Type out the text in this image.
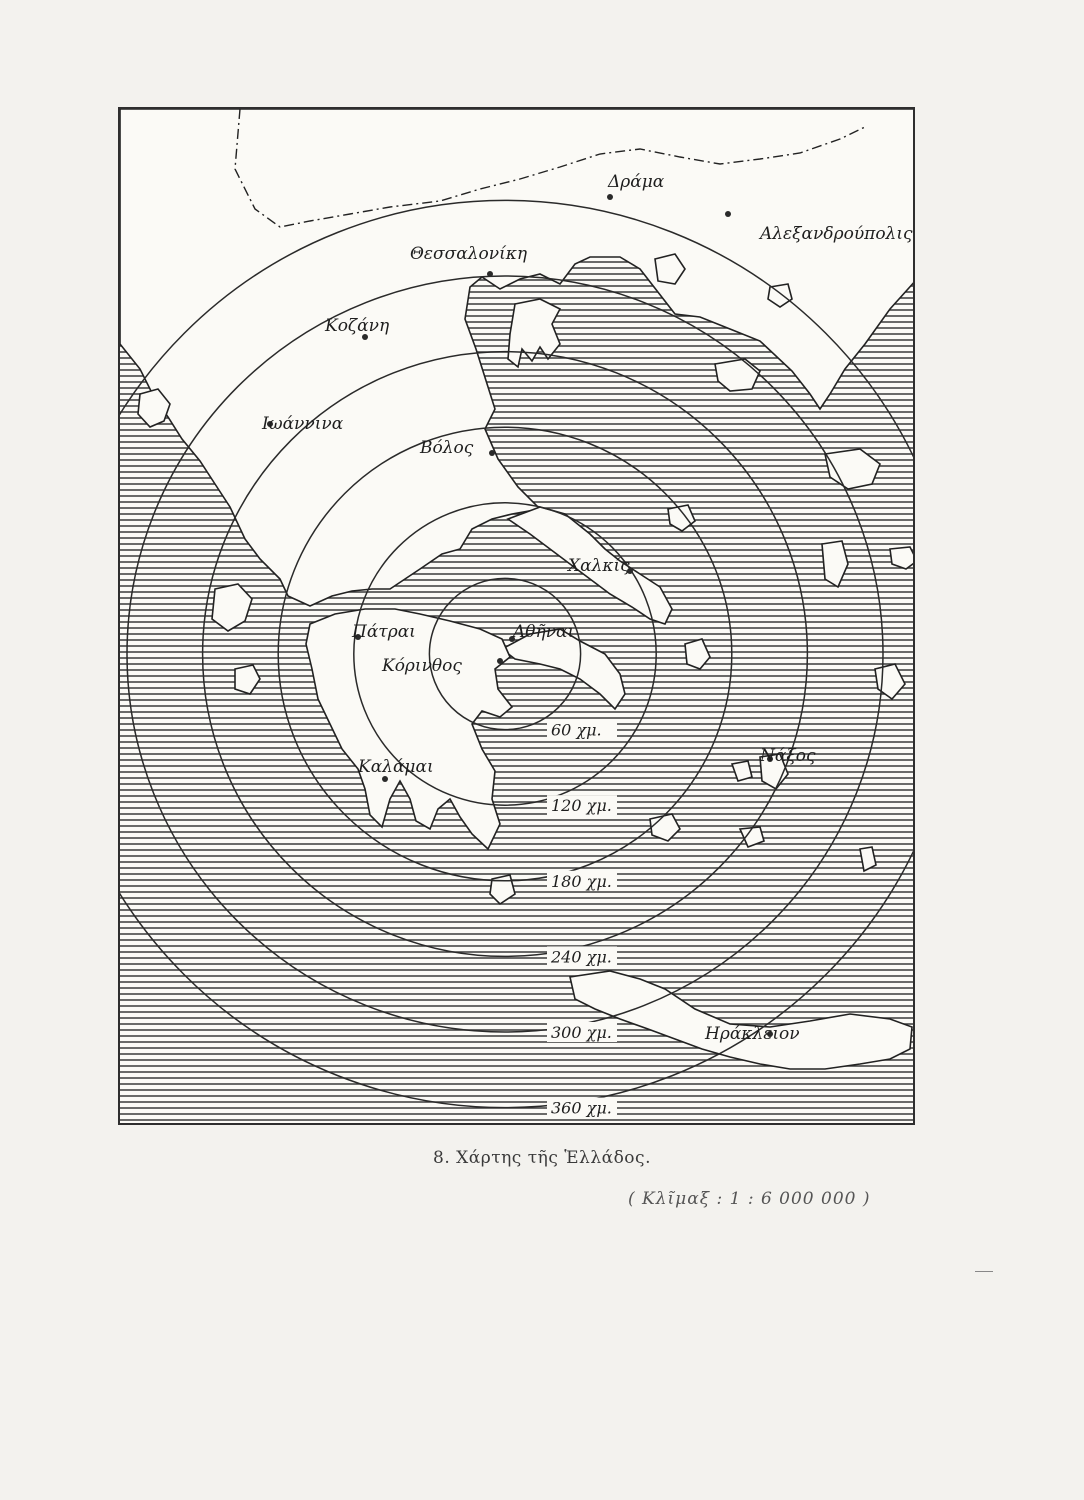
60 χμ.
120 χμ.
180 χμ.
240 χμ.
300 χμ.
360 χμ.
Δράμα
Αλεξανδρούπολις
Θεσσαλονίκη
Κοζάνη
Ιωάννινα
Βόλος
Χαλκίς
Αθῆναι
Πάτραι
Κόρινθος
Καλάμαι
Νάξος
Ηράκλειον
8. Χάρτης τῆς Ἑλλάδος.
( Κλῖμαξ : 1 : 6 000 000 )
